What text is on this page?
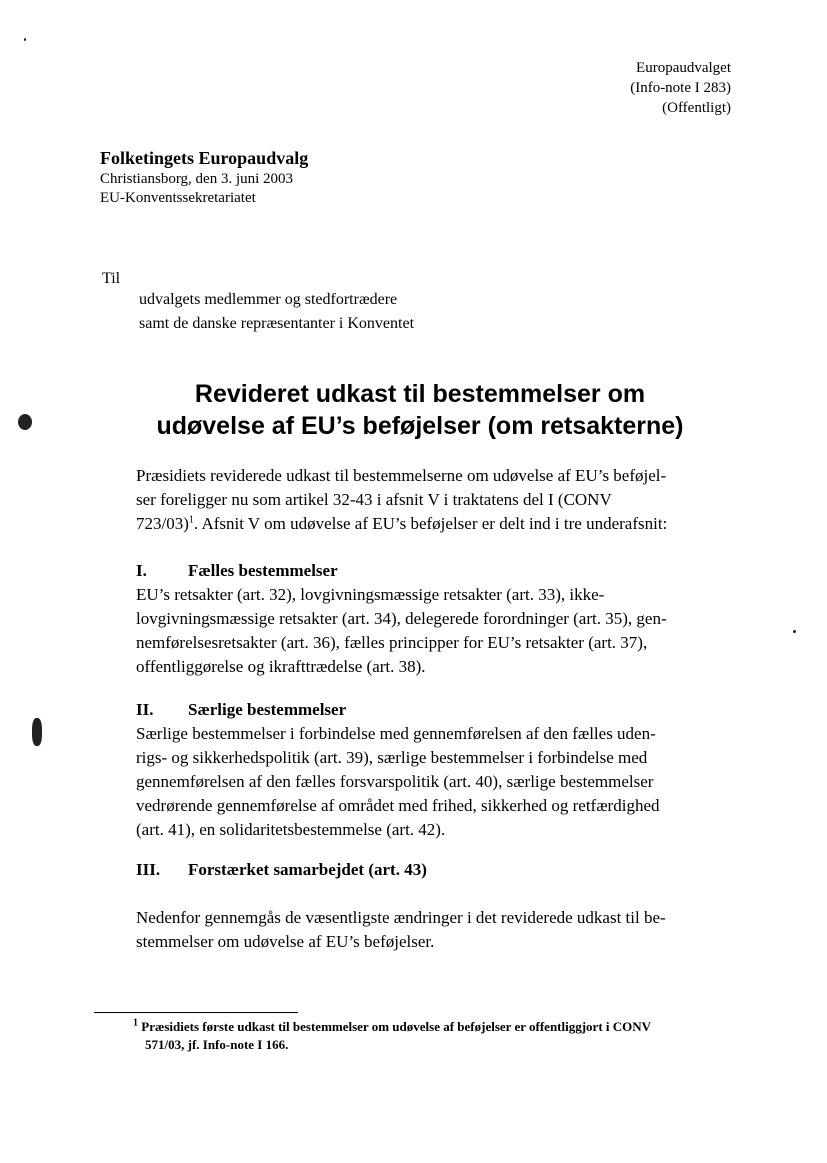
Europaudvalget
(Info-note I 283)
(Offentligt)
Folketingets Europaudvalg
Christiansborg, den 3. juni 2003
EU-Konventssekretariatet
Til
udvalgets medlemmer og stedfortrædere
samt de danske repræsentanter i Konventet
Revideret udkast til bestemmelser om
udøvelse af EU’s beføjelser (om retsakterne)
Præsidiets reviderede udkast til bestemmelserne om udøvelse af EU’s beføjel-
ser foreligger nu som artikel 32-43 i afsnit V i traktatens del I (CONV
723/03)$^1$. Afsnit V om udøvelse af EU’s beføjelser er delt ind i tre underafsnit:
I. Fælles bestemmelser
EU’s retsakter (art. 32), lovgivningsmæssige retsakter (art. 33), ikke-
lovgivningsmæssige retsakter (art. 34), delegerede forordninger (art. 35), gen-
nemførelsesretsakter (art. 36), fælles principper for EU’s retsakter (art. 37),
offentliggørelse og ikrafttrædelse (art. 38).
II. Særlige bestemmelser
Særlige bestemmelser i forbindelse med gennemførelsen af den fælles uden-
rigs- og sikkerhedspolitik (art. 39), særlige bestemmelser i forbindelse med
gennemførelsen af den fælles forsvarspolitik (art. 40), særlige bestemmelser
vedrørende gennemførelse af området med frihed, sikkerhed og retfærdighed
(art. 41), en solidaritetsbestemmelse (art. 42).
III. Forstærket samarbejdet (art. 43)
Nedenfor gennemgås de væsentligste ændringer i det reviderede udkast til be-
stemmelser om udøvelse af EU’s beføjelser.
$^1$ Præsidiets første udkast til bestemmelser om udøvelse af beføjelser er offentliggjort i CONV
571/03, jf. Info-note I 166.
